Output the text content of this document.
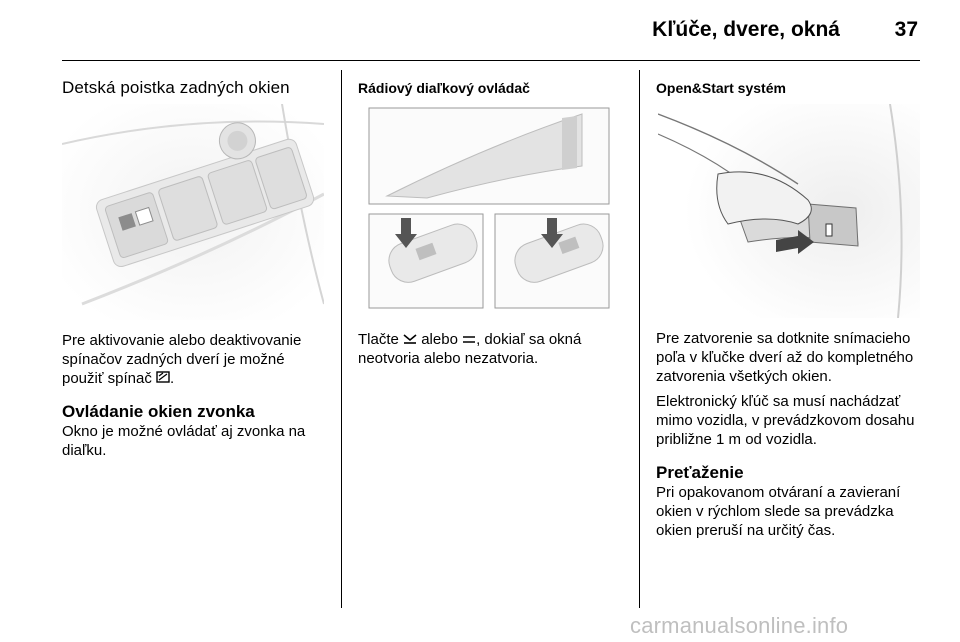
Kľúče, dvere, okná	37
Detská poistka zadných okien

Pre aktivovanie alebo deaktivovanie spínačov zadných dverí je možné použiť spínač .

Ovládanie okien zvonka

Okno je možné ovládať aj zvonka na diaľku.

Rádiový diaľkový ovládač

Tlačte alebo , dokiaľ sa okná neotvoria alebo nezatvoria.

Open&Start systém

Pre zatvorenie sa dotknite snímacieho poľa v kľučke dverí až do kompletného zatvorenia všetkých okien.

Elektronický kľúč sa musí nachádzať mimo vozidla, v prevádzkovom dosahu približne 1 m od vozidla.

Preťaženie

Pri opakovanom otváraní a zavieraní okien v rýchlom slede sa prevádzka okien preruší na určitý čas.

carmanualsonline.info
